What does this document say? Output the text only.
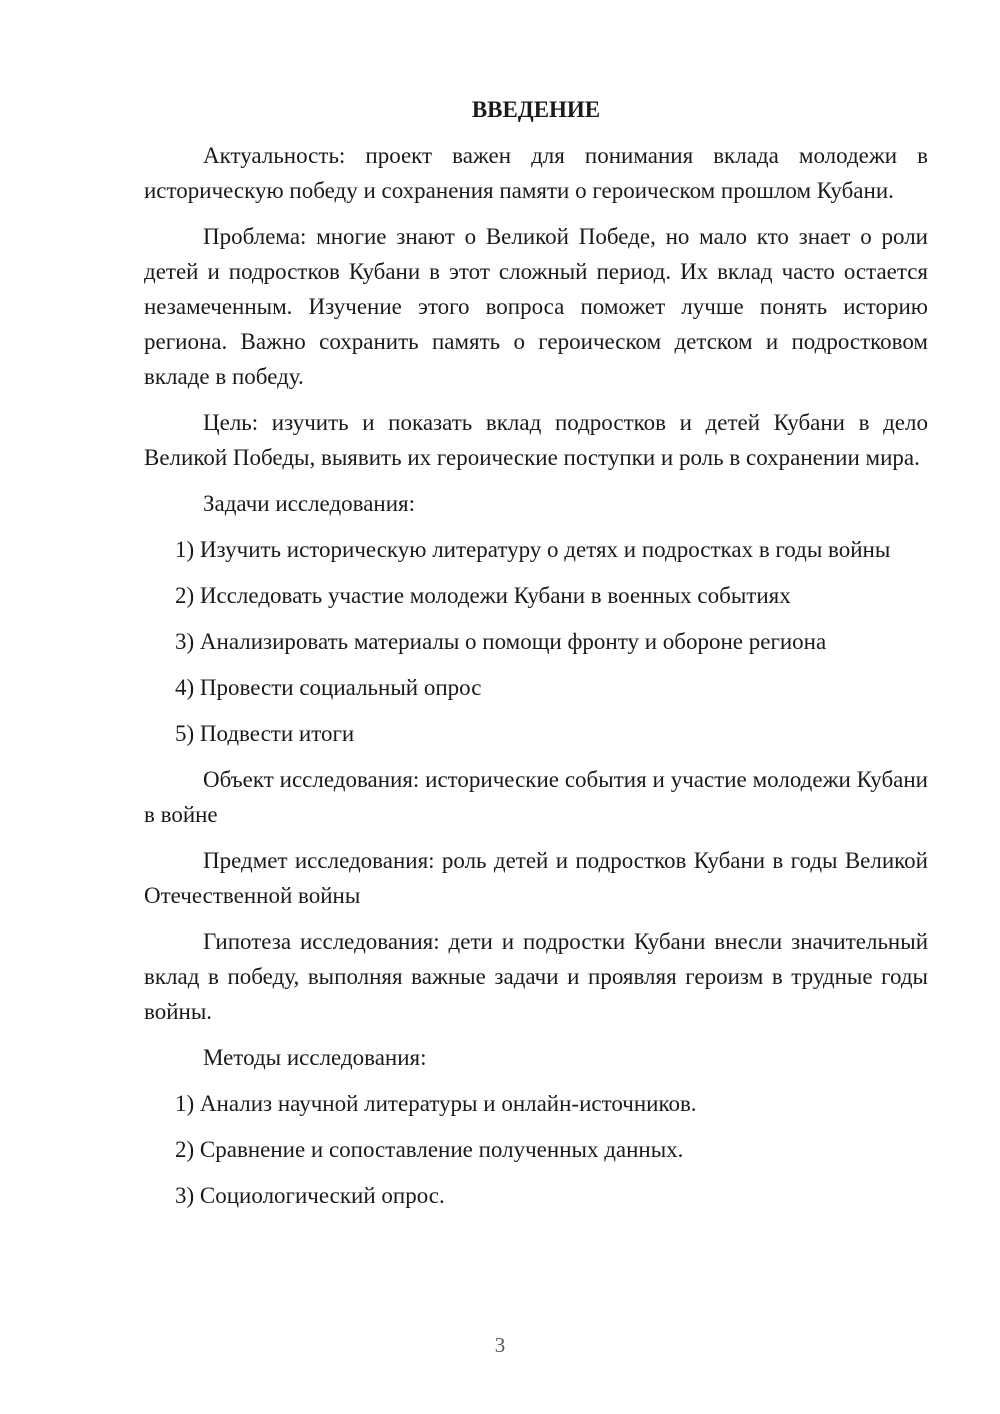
ВВЕДЕНИЕ
Актуальность: проект важен для понимания вклада молодежи в историческую победу и сохранения памяти о героическом прошлом Кубани.
Проблема: многие знают о Великой Победе, но мало кто знает о роли детей и подростков Кубани в этот сложный период. Их вклад часто остается незамеченным. Изучение этого вопроса поможет лучше понять историю региона. Важно сохранить память о героическом детском и подростковом вкладе в победу.
Цель: изучить и показать вклад подростков и детей Кубани в дело Великой Победы, выявить их героические поступки и роль в сохранении мира.
Задачи исследования:
1) Изучить историческую литературу о детях и подростках в годы войны
2) Исследовать участие молодежи Кубани в военных событиях
3) Анализировать материалы о помощи фронту и обороне региона
4) Провести социальный опрос
5) Подвести итоги
Объект исследования: исторические события и участие молодежи Кубани в войне
Предмет исследования: роль детей и подростков Кубани в годы Великой Отечественной войны
Гипотеза исследования: дети и подростки Кубани внесли значительный вклад в победу, выполняя важные задачи и проявляя героизм в трудные годы войны.
Методы исследования:
1) Анализ научной литературы и онлайн-источников.
2) Сравнение и сопоставление полученных данных.
3) Социологический опрос.
3
